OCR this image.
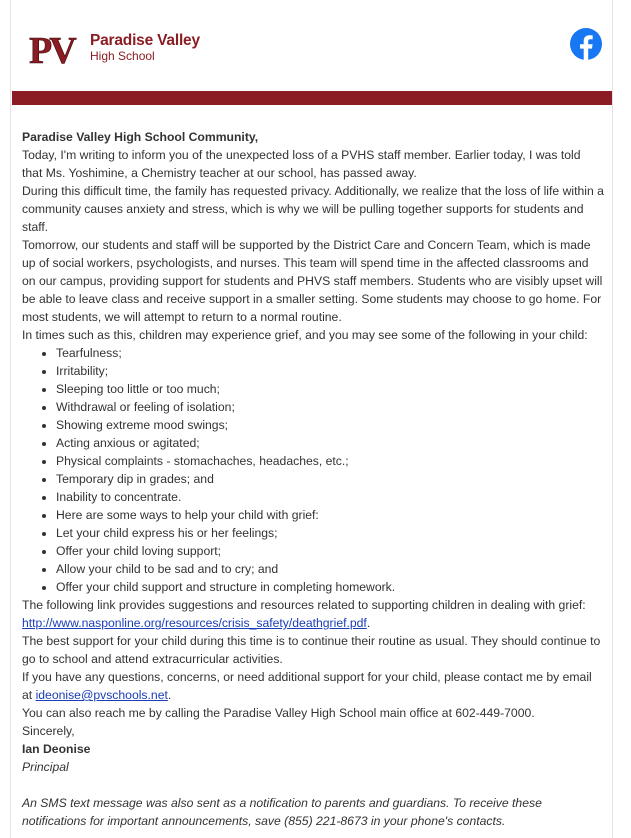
PV Paradise Valley
High School

Paradise Valley High School Community,

Today, I'm writing to inform you of the unexpected loss of a PVHS staff member. Earlier today, I was told that Ms. Yoshimine, a Chemistry teacher at our school, has passed away.

During this difficult time, the family has requested privacy. Additionally, we realize that the loss of life within a community causes anxiety and stress, which is why we will be pulling together supports for students and staff.

Tomorrow, our students and staff will be supported by the District Care and Concern Team, which is made up of social workers, psychologists, and nurses. This team will spend time in the affected classrooms and on our campus, providing support for students and PHVS staff members. Students who are visibly upset will be able to leave class and receive support in a smaller setting. Some students may choose to go home. For most students, we will attempt to return to a normal routine.

In times such as this, children may experience grief, and you may see some of the following in your child:

• Tearfulness;
• Irritability;
• Sleeping too little or too much;
• Withdrawal or feeling of isolation;
• Showing extreme mood swings;
• Acting anxious or agitated;
• Physical complaints - stomachaches, headaches, etc.;
• Temporary dip in grades; and
• Inability to concentrate.
• Here are some ways to help your child with grief:
• Let your child express his or her feelings;
• Offer your child loving support;
• Allow your child to be sad and to cry; and
• Offer your child support and structure in completing homework.

The following link provides suggestions and resources related to supporting children in dealing with grief:

http://www.nasponline.org/resources/crisis_safety/deathgrief.pdf.

The best support for your child during this time is to continue their routine as usual. They should continue to go to school and attend extracurricular activities.

If you have any questions, concerns, or need additional support for your child, please contact me by email at ideonise@pvschools.net.

You can also reach me by calling the Paradise Valley High School main office at 602-449-7000.

Sincerely,

Ian Deonise

Principal

An SMS text message was also sent as a notification to parents and guardians. To receive these notifications for important announcements, save (855) 221-8673 in your phone's contacts.
